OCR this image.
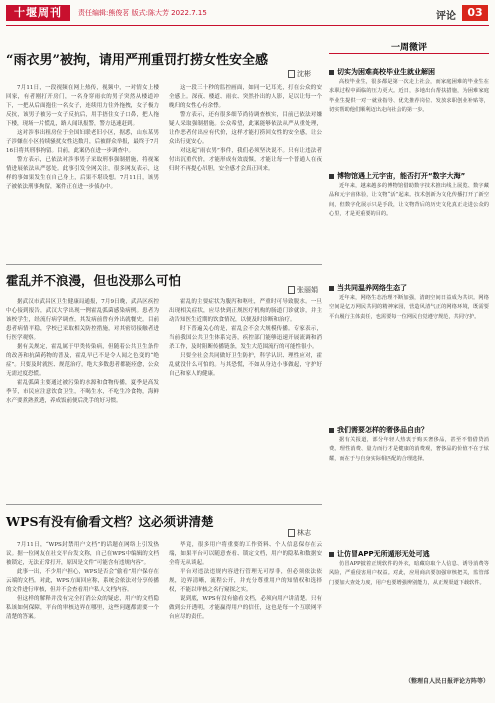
十堰周刊	责任编辑:熊俊茗 版式:陈大芳 2022.7.15	评论	03
“雨衣男”被拘，请用严刑重罚打捞女性安全感
沈彬

7月11日，一段视频在网上热传，视频中，一对情女上楼回家，有者刚打开房门，一名身穿雨衣的男子突然从楼道冲下，一把从后面抱住一名女子，连续用力往外拖拽，女子极力反抗，该男子被另一女子反抗后，用手捂住女子口鼻，把人拖下楼，现场一片慌乱，路人闻讯报警，警方迅速赶到。

这对涉事出租房位于全国妇联老旧小区，据悉，山东某男子涉嫌在小区持续骚扰女性达数月，后被群众举报，最终于7月16日将其刑事拘留。目前，此案仍在进一步调查中。

警方表示，已依法对涉事男子采取刑事强制措施，将视案情进展依法从严惩处。此事引发全网关注，很多网友表示，这样的事如果发生在自己身上，后果不堪设想。7月11日，该男子被依法刑事拘留，案件正在进一步侦办中。

这一段三十秒的监控画面，如同一记耳光，打在公众的安全感上。深夜、楼道、雨衣、突然扑出的人影，足以让每一个晚归的女性心有余悸。

警方表示，还有很多细节尚待调查核实，目前已依法对嫌疑人采取强制措施。公众希望，此案能够依法从严从重处理，让作恶者付出应有代价，这样才能打捞回女性的安全感，让公众出行更安心。

对这起“雨衣男”事件，我们必须坚决说不。只有让违法者付出沉重代价，才能形成有效震慑，才能让每一个普通人在夜归时不再提心吊胆，安全感才会真正回来。

霍乱并不浪漫，但也没那么可怕
张丽娟

据武汉市武昌区卫生健康局通报，7月9日晚，武昌区疾控中心接到报告，武汉大学出现一例霍乱弧菌感染病例。患者为该校学生，经流行病学调查，其发病前曾有外出就餐史。目前患者病情平稳，学校已采取相关防控措施，对其密切接触者进行医学观察。

据有关规定，霍乱属于甲类传染病，但随着公共卫生条件的改善和抗菌药物的普及，霍乱早已不是令人闻之色变的“绝症”。只要及时就医、规范治疗，绝大多数患者都能痊愈，公众无需过度恐慌。

霍乱弧菌主要通过被污染的水源和食物传播，夏季是高发季节，市民应注意饮食卫生，不喝生水，不吃生冷食物，海鲜水产要煮熟煮透，养成饭前便后洗手的好习惯。

霍乱的主要症状为腹泻和呕吐，严重时可导致脱水。一旦出现相关症状，应尽快到正规医疗机构的肠道门诊就诊，并主动告知医生近期的饮食情况，以便及时诊断和治疗。

时下普遍关心的是，霍乱会不会大规模传播。专家表示，当前我国公共卫生体系完善，疾控部门能够迅速开展流调和消杀工作，及时阻断传播链条，发生大范围流行的可能性很小。

只要全社会共同做好卫生防护，科学认识、理性应对，霍乱就没什么可怕的。与其恐慌，不如从身边小事做起，守护好自己和家人的健康。

WPS有没有偷看文档？这必须讲清楚
林志

7月11日，“WPS封禁用户文档”的话题在网络上引发热议。据一位网友在社交平台发文称，自己在WPS中编辑的文档被锁定，无法正常打开，原因是文件“可能含有违规内容”。

此事一出，不少用户担心，WPS是否会“偷看”用户保存在云端的文档。对此，WPS方面回应称，系统会依法对分享传播的文件进行审核，但并不会查看用户私人文档内容。

但这样的解释并没有完全打消公众的疑虑，用户的文档隐私该如何保障，平台的审核边界在哪里，这些问题都需要一个清楚的答案。

毕竟，很多用户将重要的工作资料、个人信息保存在云端，如果平台可以随意查看、锁定文档，用户的隐私和数据安全将无从谈起。

平台对违法违规内容进行管理无可厚非，但必须依法依规，边界清晰，流程公开，并充分尊重用户的知情权和选择权，不能以审核之名行窥探之实。

说到底，WPS有没有偷看文档，必须向用户讲清楚。只有做到公开透明，才能赢得用户的信任，这也是每一个互联网平台应尽的责任。

一周微评
切实为困难高校毕业生就业解困

高校毕业生，很多都是第一次走上社会，而家庭困难的毕业生在求职过程中面临的压力更大。近日，多地出台帮扶措施，为困难家庭毕业生提供一对一就业指导、优先推荐岗位、发放求职创业补贴等，切实帮助他们顺利迈出走向社会的第一步。

博物馆遇上元宇宙，能否打开“数字大海”

近年来，越来越多的博物馆借助数字技术推出线上展览、数字藏品和元宇宙体验，让文物“活”起来。技术创新为文化传播打开了新空间，但数字化展示只是手段，让文物背后的历史文化真正走进公众的心里，才是更重要的目的。

当共同温养网络生态了

近年来，网络生态治理不断加强，清朗空间日益成为共识。网络空间是亿万网民共同的精神家园，营造风清气正的网络环境，既需要平台履行主体责任，也需要每一位网民自觉遵守规范，共同守护。

我们需要怎样的奢侈品自由？

据有关报道，部分年轻人热衷于购买奢侈品，甚至不惜借贷消费。理性消费、量力而行才是健康的消费观，奢侈品的价值不在于炫耀，而在于与自身实际相匹配的合理选择。

让仿冒APP无所遁形无处可逃

仿冒APP披着正规软件的外衣，暗藏窃取个人信息、诱导消费等风险，严重侵害用户权益。对此，应用商店要加强审核把关，监管部门要加大查处力度，用户也要增强辨别能力，从正规渠道下载软件。

（整理自人民日报评论方阵等）
